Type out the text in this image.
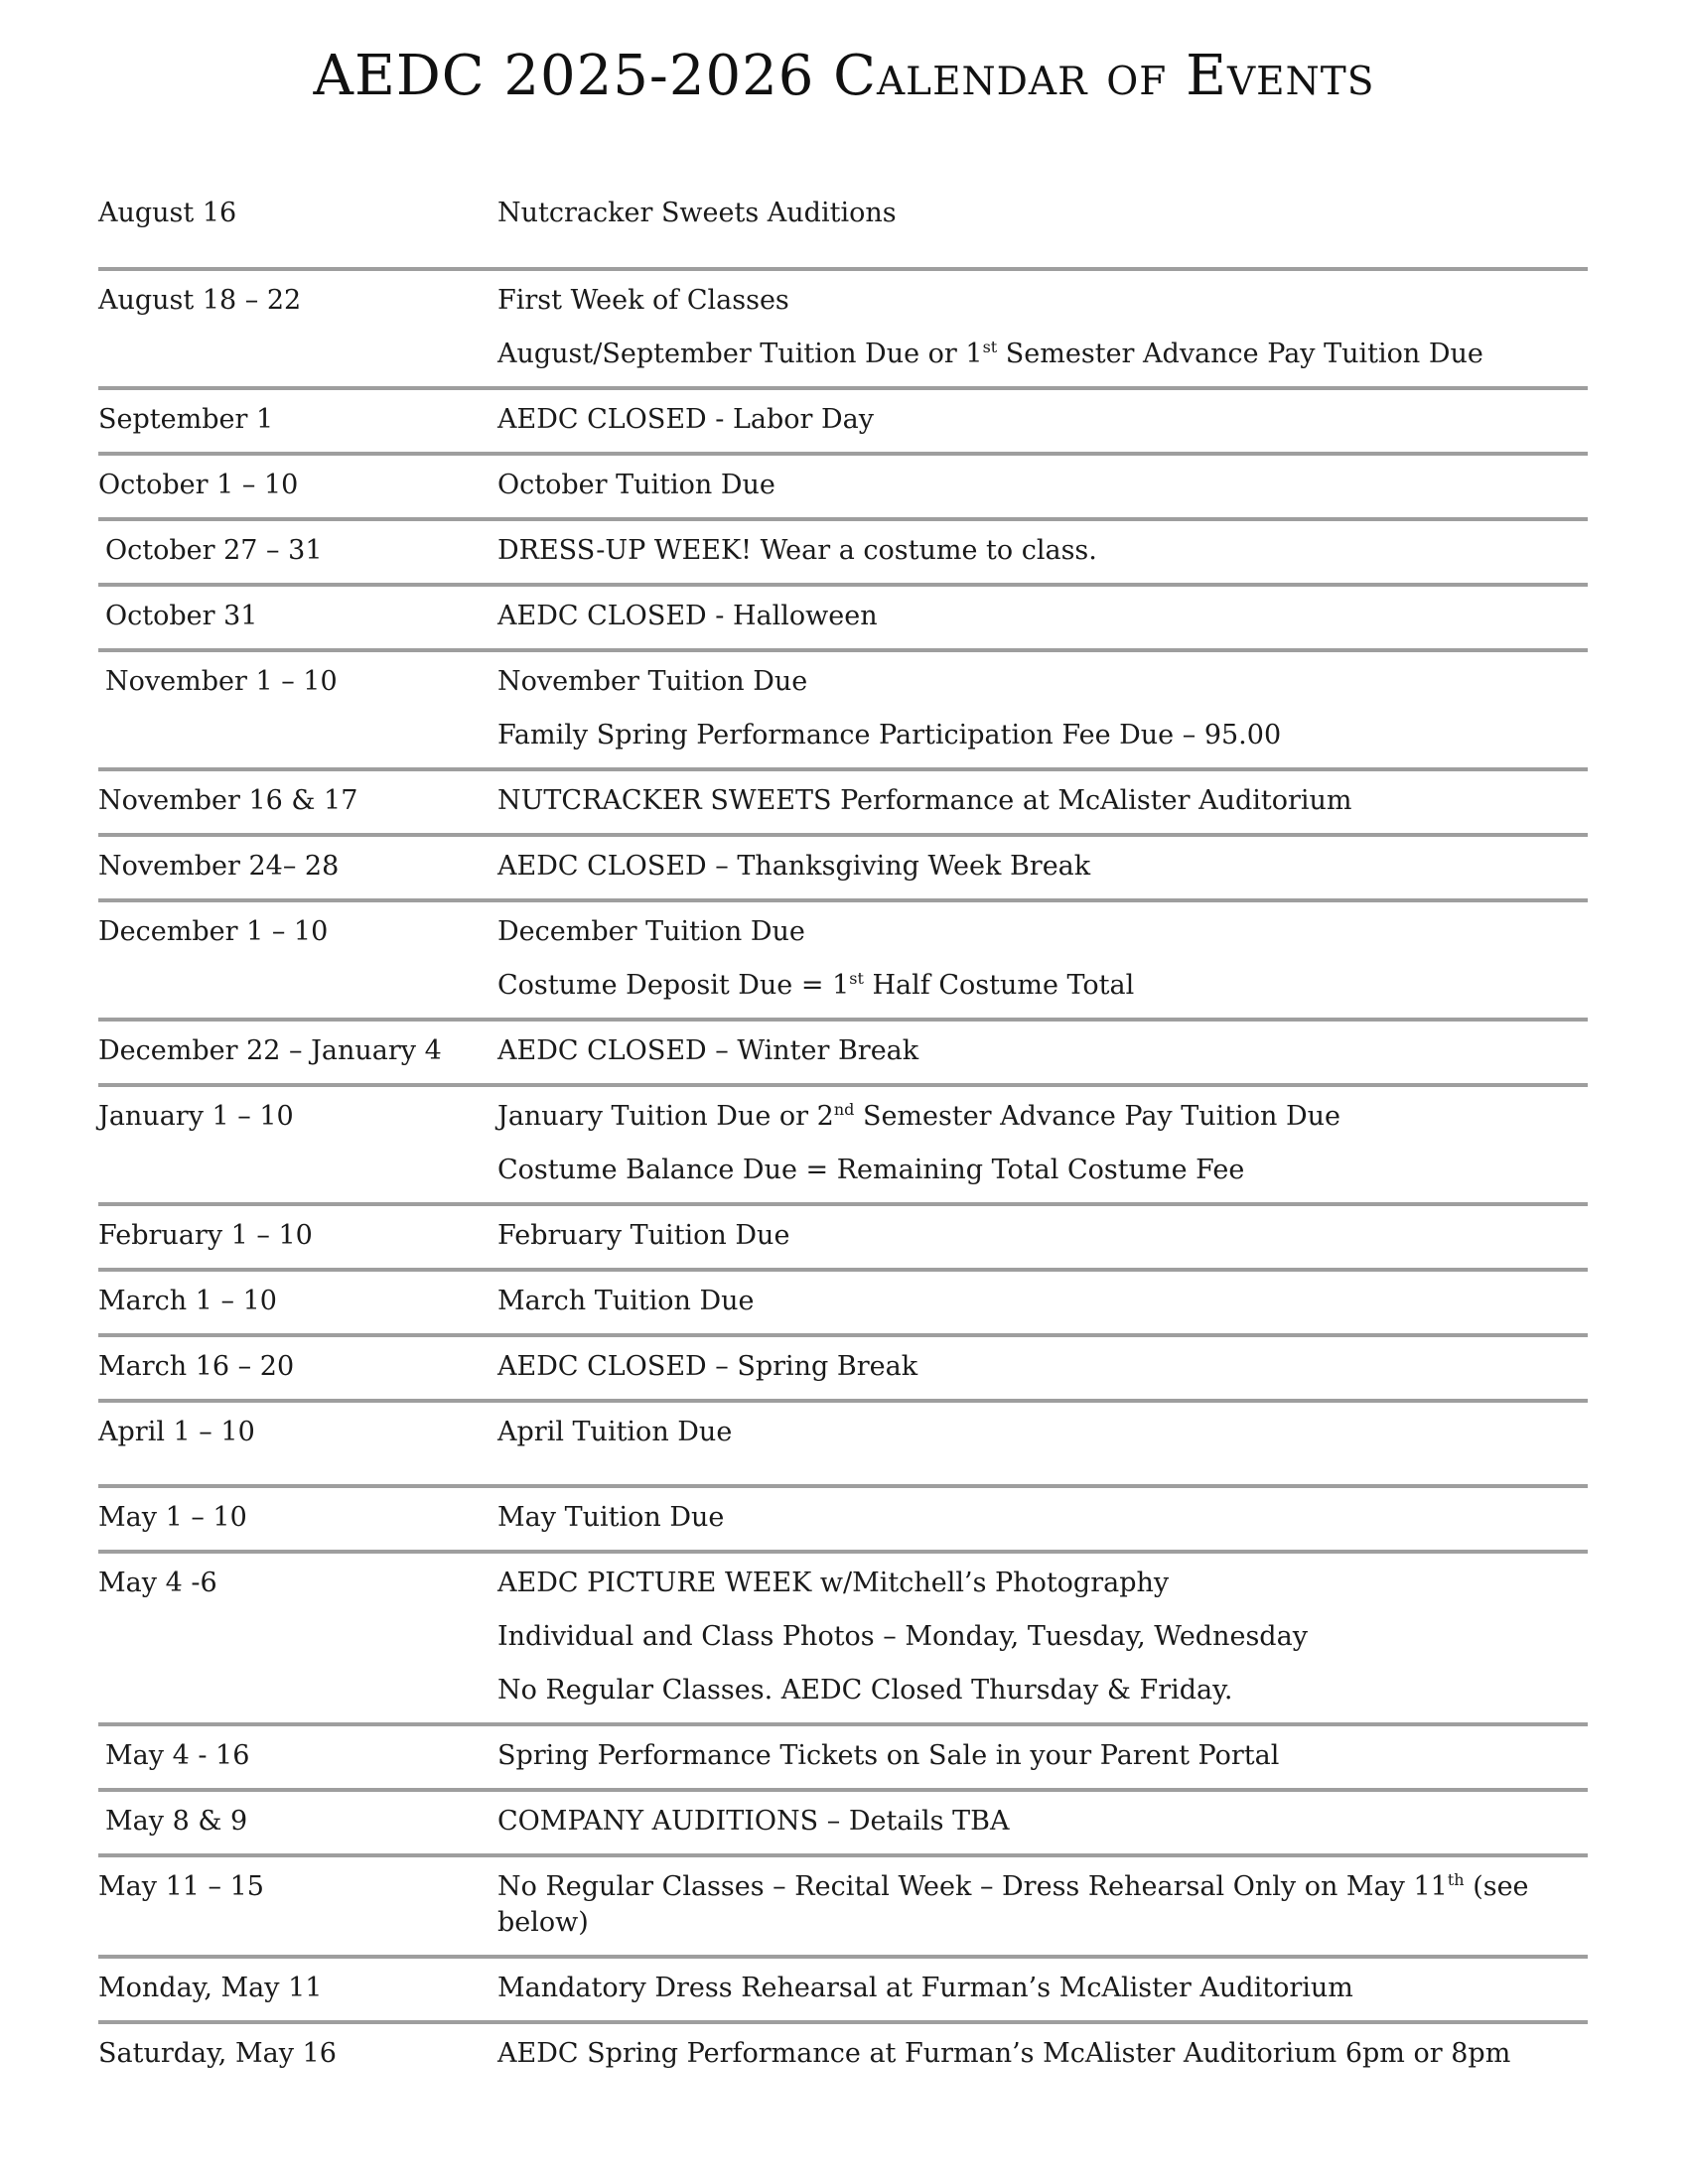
AEDC 2025-2026 Calendar of Events
August 16	Nutcracker Sweets Auditions
August 18 – 22	First Week of Classes
August/September Tuition Due or 1st Semester Advance Pay Tuition Due
September 1	AEDC CLOSED - Labor Day
October 1 – 10	October Tuition Due
October 27 – 31	DRESS-UP WEEK! Wear a costume to class.
October 31	AEDC CLOSED - Halloween
November 1 – 10	November Tuition Due
Family Spring Performance Participation Fee Due – 95.00
November 16 & 17	NUTCRACKER SWEETS Performance at McAlister Auditorium
November 24– 28	AEDC CLOSED – Thanksgiving Week Break
December 1 – 10	December Tuition Due
Costume Deposit Due = 1st Half Costume Total
December 22 – January 4	AEDC CLOSED – Winter Break
January 1 – 10	January Tuition Due or 2nd Semester Advance Pay Tuition Due
Costume Balance Due = Remaining Total Costume Fee
February 1 – 10	February Tuition Due
March 1 – 10	March Tuition Due
March 16 – 20	AEDC CLOSED – Spring Break
April 1 – 10	April Tuition Due
May 1 – 10	May Tuition Due
May 4 -6	AEDC PICTURE WEEK w/Mitchell’s Photography
Individual and Class Photos – Monday, Tuesday, Wednesday
No Regular Classes. AEDC Closed Thursday & Friday.
May 4 - 16	Spring Performance Tickets on Sale in your Parent Portal
May 8 & 9	COMPANY AUDITIONS – Details TBA
May 11 – 15	No Regular Classes – Recital Week – Dress Rehearsal Only on May 11th (see below)
Monday, May 11	Mandatory Dress Rehearsal at Furman’s McAlister Auditorium
Saturday, May 16	AEDC Spring Performance at Furman’s McAlister Auditorium 6pm or 8pm
